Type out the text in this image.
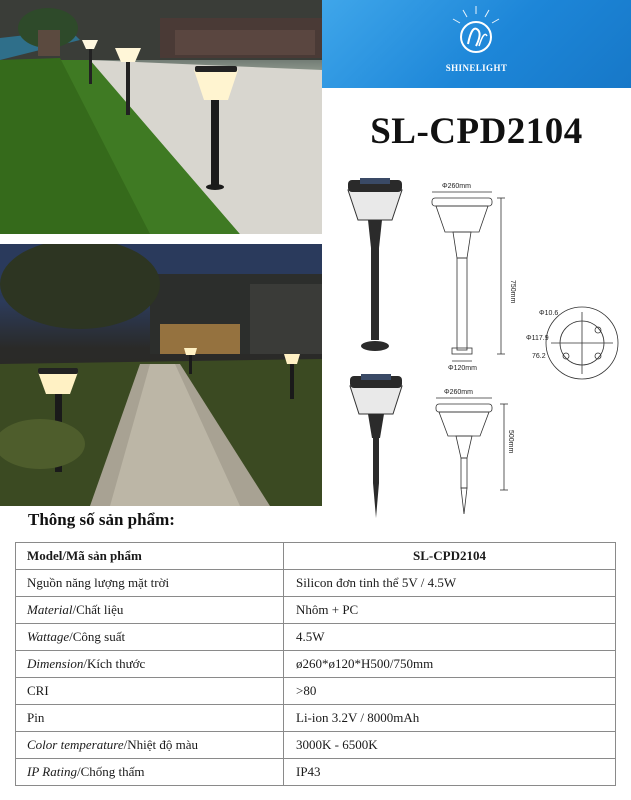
SHINELIGHT
SL-CPD2104
Φ260mm
750mm
Φ120mm
Φ260mm
500mm
Φ10.6
Φ117.9
76.2
Thông số sản phẩm:
Model/Mã sản phẩm	SL-CPD2104
Nguồn năng lượng mặt trời	Silicon đơn tinh thể 5V / 4.5W
Material/Chất liệu	Nhôm + PC
Wattage/Công suất	4.5W
Dimension/Kích thước	ø260*ø120*H500/750mm
CRI	>80
Pin	Li-ion 3.2V / 8000mAh
Color temperature/Nhiệt độ màu	3000K - 6500K
IP Rating/Chống thấm	IP43
